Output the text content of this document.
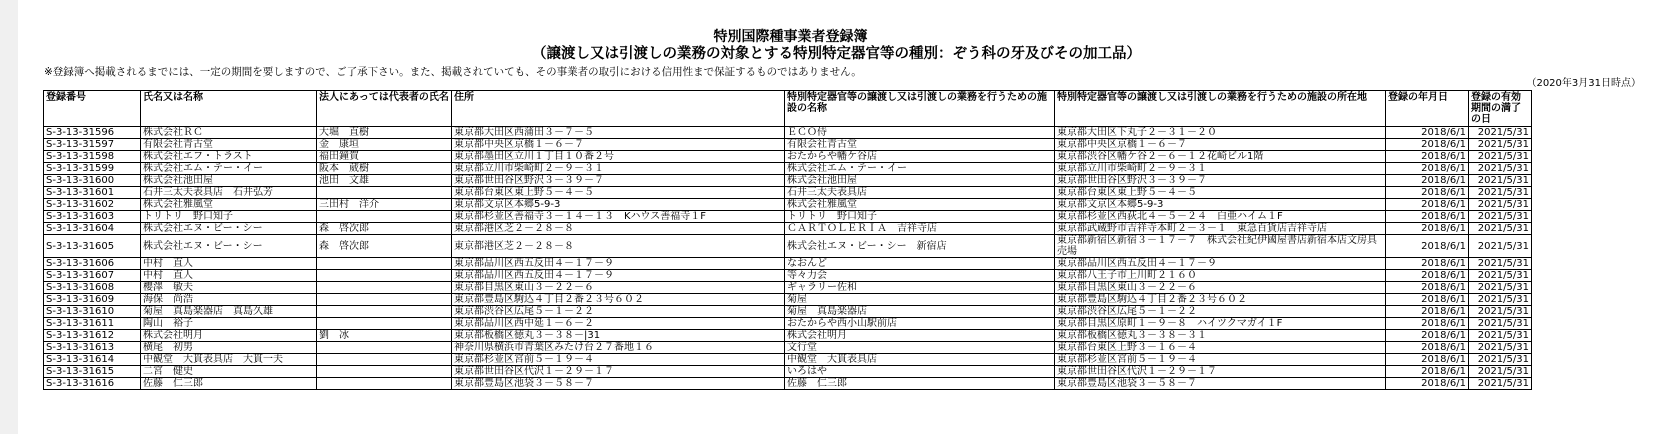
特別国際種事業者登録簿
（譲渡し又は引渡しの業務の対象とする特別特定器官等の種別：ぞう科の牙及びその加工品）
※登録簿へ掲載されるまでには、一定の期間を要しますので、ご了承下さい。また、掲載されていても、その事業者の取引における信用性まで保証するものではありません。
（2020年3月31日時点）
登録番号	氏名又は名称	法人にあっては代表者の氏名	住所	特別特定器官等の譲渡し又は引渡しの業務を行うための施設の名称	特別特定器官等の譲渡し又は引渡しの業務を行うための施設の所在地	登録の年月日	登録の有効期間の満了の日
S-3-13-31596	株式会社ＲＣ	大堀　直樹	東京都大田区西蒲田３－７－５	ＥＣＯ侍	東京都大田区下丸子２－３１－２０	2018/6/1	2021/5/31
S-3-13-31597	有限会社青古堂	金　康垣	東京都中央区京橋１－６－７	有限会社青古堂	東京都中央区京橋１－６－７	2018/6/1	2021/5/31
S-3-13-31598	株式会社エフ・トラスト	福田鐘賀	東京都墨田区立川１丁目１０番２号	おたからや幡ケ谷店	東京都渋谷区幡ケ谷２－６－１２花崎ビル1階	2018/6/1	2021/5/31
S-3-13-31599	株式会社エム・テー・イー	阪本　葳樹	東京都立川市柴崎町２－９－３１	株式会社エム・テー・イー	東京都立川市柴崎町２－９－３１	2018/6/1	2021/5/31
S-3-13-31600	株式会社池田屋	池田　文雄	東京都世田谷区野沢３－３９－７	株式会社池田屋	東京都世田谷区野沢３－３９－７	2018/6/1	2021/5/31
S-3-13-31601	石井三太夫表具店　石井弘芳		東京都台東区東上野５－４－５	石井三太夫表具店	東京都台東区東上野５－４－５	2018/6/1	2021/5/31
S-3-13-31602	株式会社雅風堂	三田村　洋介	東京都文京区本郷5-9-3	株式会社雅風堂	東京都文京区本郷5-9-3	2018/6/1	2021/5/31
S-3-13-31603	トリトリ　野口知子		東京都杉並区善福寺３－１４－１３　Kハウス善福寺１F	トリトリ　野口知子	東京都杉並区西荻北４－５－２４　白亜ハイム１F	2018/6/1	2021/5/31
S-3-13-31604	株式会社エヌ・ビー・シー	森　啓次郎	東京都港区芝２－２８－８	ＣＡＲＴＯＬＥＲＩＡ　吉祥寺店	東京都武蔵野市吉祥寺本町２－３－１　東急百貨店吉祥寺店	2018/6/1	2021/5/31
S-3-13-31605	株式会社エヌ・ビー・シー	森　啓次郎	東京都港区芝２－２８－８	株式会社エヌ・ビー・シー　新宿店	東京都新宿区新宿３－１７－７　株式会社紀伊國屋書店新宿本店文房具売場	2018/6/1	2021/5/31
S-3-13-31606	中村　直人		東京都品川区西五反田４－１７－９	なおんど	東京都品川区西五反田４－１７－９	2018/6/1	2021/5/31
S-3-13-31607	中村　直人		東京都品川区西五反田４－１７－９	等々力会	東京都八王子市上川町２１６０	2018/6/1	2021/5/31
S-3-13-31608	櫻澤　敏夫		東京都目黒区東山３－２２－６	ギャラリー佐和	東京都目黒区東山３－２２－６	2018/6/1	2021/5/31
S-3-13-31609	海保　尚浩		東京都豊島区駒込４丁目２番２３号６０２	菊屋	東京都豊島区駒込４丁目２番２３号６０２	2018/6/1	2021/5/31
S-3-13-31610	菊屋　真島楽器店　真島久雄		東京都渋谷区広尾５－１－２２	菊屋　真島楽器店	東京都渋谷区広尾５－１－２２	2018/6/1	2021/5/31
S-3-13-31611	陶山　裕子		東京都品川区西中延１－６－２	おたからや西小山駅前店	東京都目黒区原町１－９－８　ハイツクマガイ１F	2018/6/1	2021/5/31
S-3-13-31612	株式会社明月	劉　冰	東京都板橋区徳丸３－３８－|31	株式会社明月	東京都板橋区徳丸３－３８－３１	2018/6/1	2021/5/31
S-3-13-31613	横尾　初男		神奈川県横浜市青葉区みたけ台２７番地１６	文行堂	東京都台東区上野３－１６－４	2018/6/1	2021/5/31
S-3-13-31614	中観堂　大貫表具店　大貫一夫		東京都杉並区宮前５－１９－４	中観堂　大貫表具店	東京都杉並区宮前５－１９－４	2018/6/1	2021/5/31
S-3-13-31615	二宮　健史		東京都世田谷区代沢１－２９－１７	いろはや	東京都世田谷区代沢１－２９－１７	2018/6/1	2021/5/31
S-3-13-31616	佐藤　仁三郎		東京都豊島区池袋３－５８－７	佐藤　仁三郎	東京都豊島区池袋３－５８－７	2018/6/1	2021/5/31
